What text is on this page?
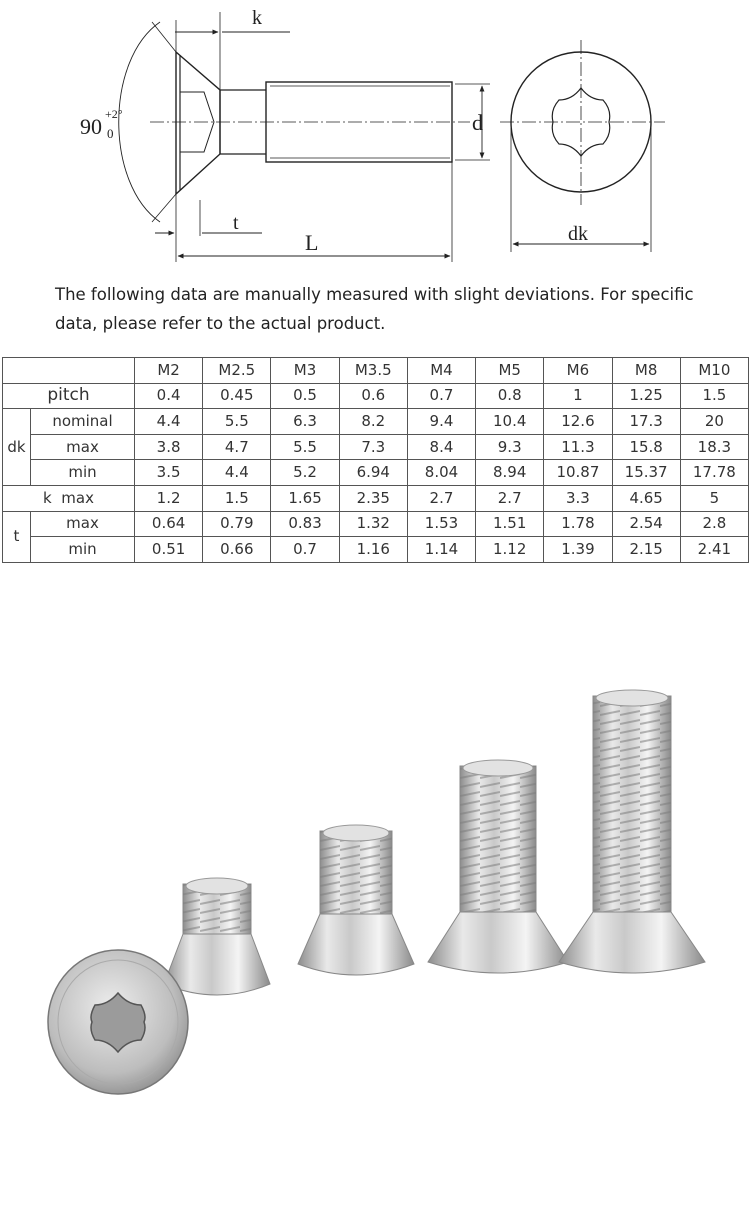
k
90 +2°
0	d
t
L	dk

The following data are manually measured with slight deviations. For specific data, please refer to the actual product.

		M2	M2.5	M3	M3.5	M4	M5	M6	M8	M10
pitch		0.4	0.45	0.5	0.6	0.7	0.8	1	1.25	1.5
dk	nominal	4.4	5.5	6.3	8.2	9.4	10.4	12.6	17.3	20
	max	3.8	4.7	5.5	7.3	8.4	9.3	11.3	15.8	18.3
	min	3.5	4.4	5.2	6.94	8.04	8.94	10.87	15.37	17.78
k  max		1.2	1.5	1.65	2.35	2.7	2.7	3.3	4.65	5
t	max	0.64	0.79	0.83	1.32	1.53	1.51	1.78	2.54	2.8
	min	0.51	0.66	0.7	1.16	1.14	1.12	1.39	2.15	2.41
